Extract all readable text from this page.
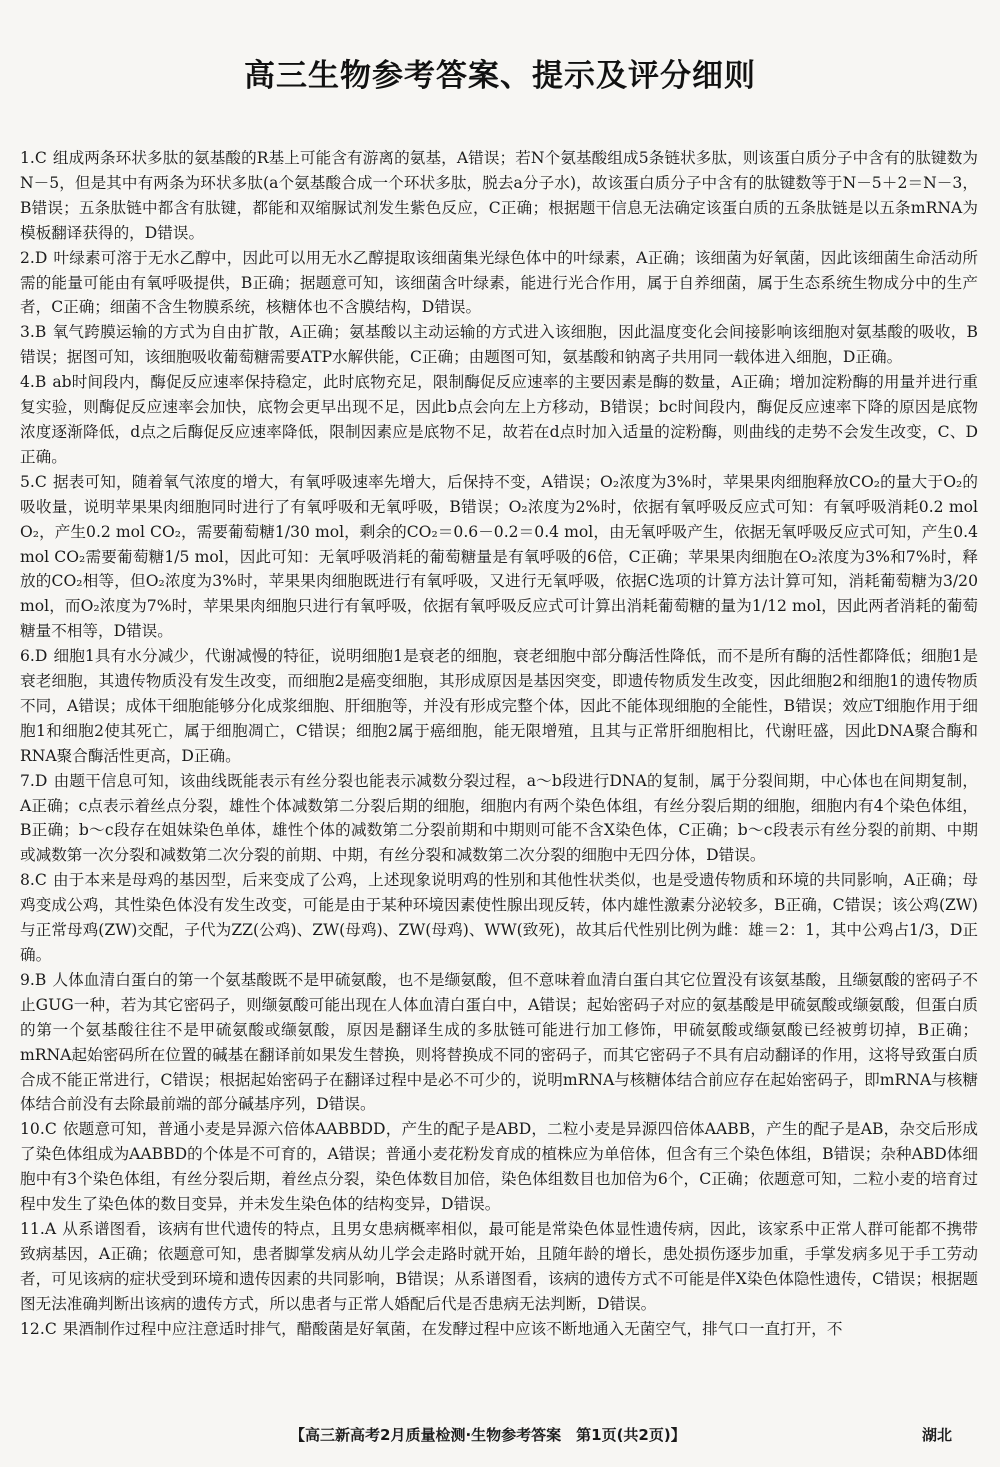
高三生物参考答案、提示及评分细则

1.C 组成两条环状多肽的氨基酸的R基上可能含有游离的氨基，A错误；若N个氨基酸组成5条链状多肽，则该蛋白质分子中含有的肽键数为N－5，但是其中有两条为环状多肽(a个氨基酸合成一个环状多肽，脱去a分子水)，故该蛋白质分子中含有的肽键数等于N－5＋2＝N－3，B错误；五条肽链中都含有肽键，都能和双缩脲试剂发生紫色反应，C正确；根据题干信息无法确定该蛋白质的五条肽链是以五条mRNA为模板翻译获得的，D错误。

2.D 叶绿素可溶于无水乙醇中，因此可以用无水乙醇提取该细菌集光绿色体中的叶绿素，A正确；该细菌为好氧菌，因此该细菌生命活动所需的能量可能由有氧呼吸提供，B正确；据题意可知，该细菌含叶绿素，能进行光合作用，属于自养细菌，属于生态系统生物成分中的生产者，C正确；细菌不含生物膜系统，核糖体也不含膜结构，D错误。

3.B 氧气跨膜运输的方式为自由扩散，A正确；氨基酸以主动运输的方式进入该细胞，因此温度变化会间接影响该细胞对氨基酸的吸收，B错误；据图可知，该细胞吸收葡萄糖需要ATP水解供能，C正确；由题图可知，氨基酸和钠离子共用同一载体进入细胞，D正确。

4.B ab时间段内，酶促反应速率保持稳定，此时底物充足，限制酶促反应速率的主要因素是酶的数量，A正确；增加淀粉酶的用量并进行重复实验，则酶促反应速率会加快，底物会更早出现不足，因此b点会向左上方移动，B错误；bc时间段内，酶促反应速率下降的原因是底物浓度逐渐降低，d点之后酶促反应速率降低，限制因素应是底物不足，故若在d点时加入适量的淀粉酶，则曲线的走势不会发生改变，C、D正确。

5.C 据表可知，随着氧气浓度的增大，有氧呼吸速率先增大，后保持不变，A错误；O₂浓度为3%时，苹果果肉细胞释放CO₂的量大于O₂的吸收量，说明苹果果肉细胞同时进行了有氧呼吸和无氧呼吸，B错误；O₂浓度为2%时，依据有氧呼吸反应式可知：有氧呼吸消耗0.2 mol O₂，产生0.2 mol CO₂，需要葡萄糖1/30 mol，剩余的CO₂＝0.6－0.2＝0.4 mol，由无氧呼吸产生，依据无氧呼吸反应式可知，产生0.4 mol CO₂需要葡萄糖1/5 mol，因此可知：无氧呼吸消耗的葡萄糖量是有氧呼吸的6倍，C正确；苹果果肉细胞在O₂浓度为3%和7%时，释放的CO₂相等，但O₂浓度为3%时，苹果果肉细胞既进行有氧呼吸，又进行无氧呼吸，依据C选项的计算方法计算可知，消耗葡萄糖为3/20 mol，而O₂浓度为7%时，苹果果肉细胞只进行有氧呼吸，依据有氧呼吸反应式可计算出消耗葡萄糖的量为1/12 mol，因此两者消耗的葡萄糖量不相等，D错误。

6.D 细胞1具有水分减少，代谢减慢的特征，说明细胞1是衰老的细胞，衰老细胞中部分酶活性降低，而不是所有酶的活性都降低；细胞1是衰老细胞，其遗传物质没有发生改变，而细胞2是癌变细胞，其形成原因是基因突变，即遗传物质发生改变，因此细胞2和细胞1的遗传物质不同，A错误；成体干细胞能够分化成浆细胞、肝细胞等，并没有形成完整个体，因此不能体现细胞的全能性，B错误；效应T细胞作用于细胞1和细胞2使其死亡，属于细胞凋亡，C错误；细胞2属于癌细胞，能无限增殖，且其与正常肝细胞相比，代谢旺盛，因此DNA聚合酶和RNA聚合酶活性更高，D正确。

7.D 由题干信息可知，该曲线既能表示有丝分裂也能表示减数分裂过程，a～b段进行DNA的复制，属于分裂间期，中心体也在间期复制，A正确；c点表示着丝点分裂，雄性个体减数第二分裂后期的细胞，细胞内有两个染色体组，有丝分裂后期的细胞，细胞内有4个染色体组，B正确；b～c段存在姐妹染色单体，雄性个体的减数第二分裂前期和中期则可能不含X染色体，C正确；b～c段表示有丝分裂的前期、中期或减数第一次分裂和减数第二次分裂的前期、中期，有丝分裂和减数第二次分裂的细胞中无四分体，D错误。

8.C 由于本来是母鸡的基因型，后来变成了公鸡，上述现象说明鸡的性别和其他性状类似，也是受遗传物质和环境的共同影响，A正确；母鸡变成公鸡，其性染色体没有发生改变，可能是由于某种环境因素使性腺出现反转，体内雄性激素分泌较多，B正确，C错误；该公鸡(ZW)与正常母鸡(ZW)交配，子代为ZZ(公鸡)、ZW(母鸡)、ZW(母鸡)、WW(致死)，故其后代性别比例为雌：雄＝2：1，其中公鸡占1/3，D正确。

9.B 人体血清白蛋白的第一个氨基酸既不是甲硫氨酸，也不是缬氨酸，但不意味着血清白蛋白其它位置没有该氨基酸，且缬氨酸的密码子不止GUG一种，若为其它密码子，则缬氨酸可能出现在人体血清白蛋白中，A错误；起始密码子对应的氨基酸是甲硫氨酸或缬氨酸，但蛋白质的第一个氨基酸往往不是甲硫氨酸或缬氨酸，原因是翻译生成的多肽链可能进行加工修饰，甲硫氨酸或缬氨酸已经被剪切掉，B正确；mRNA起始密码所在位置的碱基在翻译前如果发生替换，则将替换成不同的密码子，而其它密码子不具有启动翻译的作用，这将导致蛋白质合成不能正常进行，C错误；根据起始密码子在翻译过程中是必不可少的，说明mRNA与核糖体结合前应存在起始密码子，即mRNA与核糖体结合前没有去除最前端的部分碱基序列，D错误。

10.C 依题意可知，普通小麦是异源六倍体AABBDD，产生的配子是ABD，二粒小麦是异源四倍体AABB，产生的配子是AB，杂交后形成了染色体组成为AABBD的个体是不可育的，A错误；普通小麦花粉发育成的植株应为单倍体，但含有三个染色体组，B错误；杂种ABD体细胞中有3个染色体组，有丝分裂后期，着丝点分裂，染色体数目加倍，染色体组数目也加倍为6个，C正确；依题意可知，二粒小麦的培育过程中发生了染色体的数目变异，并未发生染色体的结构变异，D错误。

11.A 从系谱图看，该病有世代遗传的特点，且男女患病概率相似，最可能是常染色体显性遗传病，因此，该家系中正常人群可能都不携带致病基因，A正确；依题意可知，患者脚掌发病从幼儿学会走路时就开始，且随年龄的增长，患处损伤逐步加重，手掌发病多见于手工劳动者，可见该病的症状受到环境和遗传因素的共同影响，B错误；从系谱图看，该病的遗传方式不可能是伴X染色体隐性遗传，C错误；根据题图无法准确判断出该病的遗传方式，所以患者与正常人婚配后代是否患病无法判断，D错误。

12.C 果酒制作过程中应注意适时排气，醋酸菌是好氧菌，在发酵过程中应该不断地通入无菌空气，排气口一直打开，不

【高三新高考2月质量检测·生物参考答案　第1页(共2页)】	湖北
